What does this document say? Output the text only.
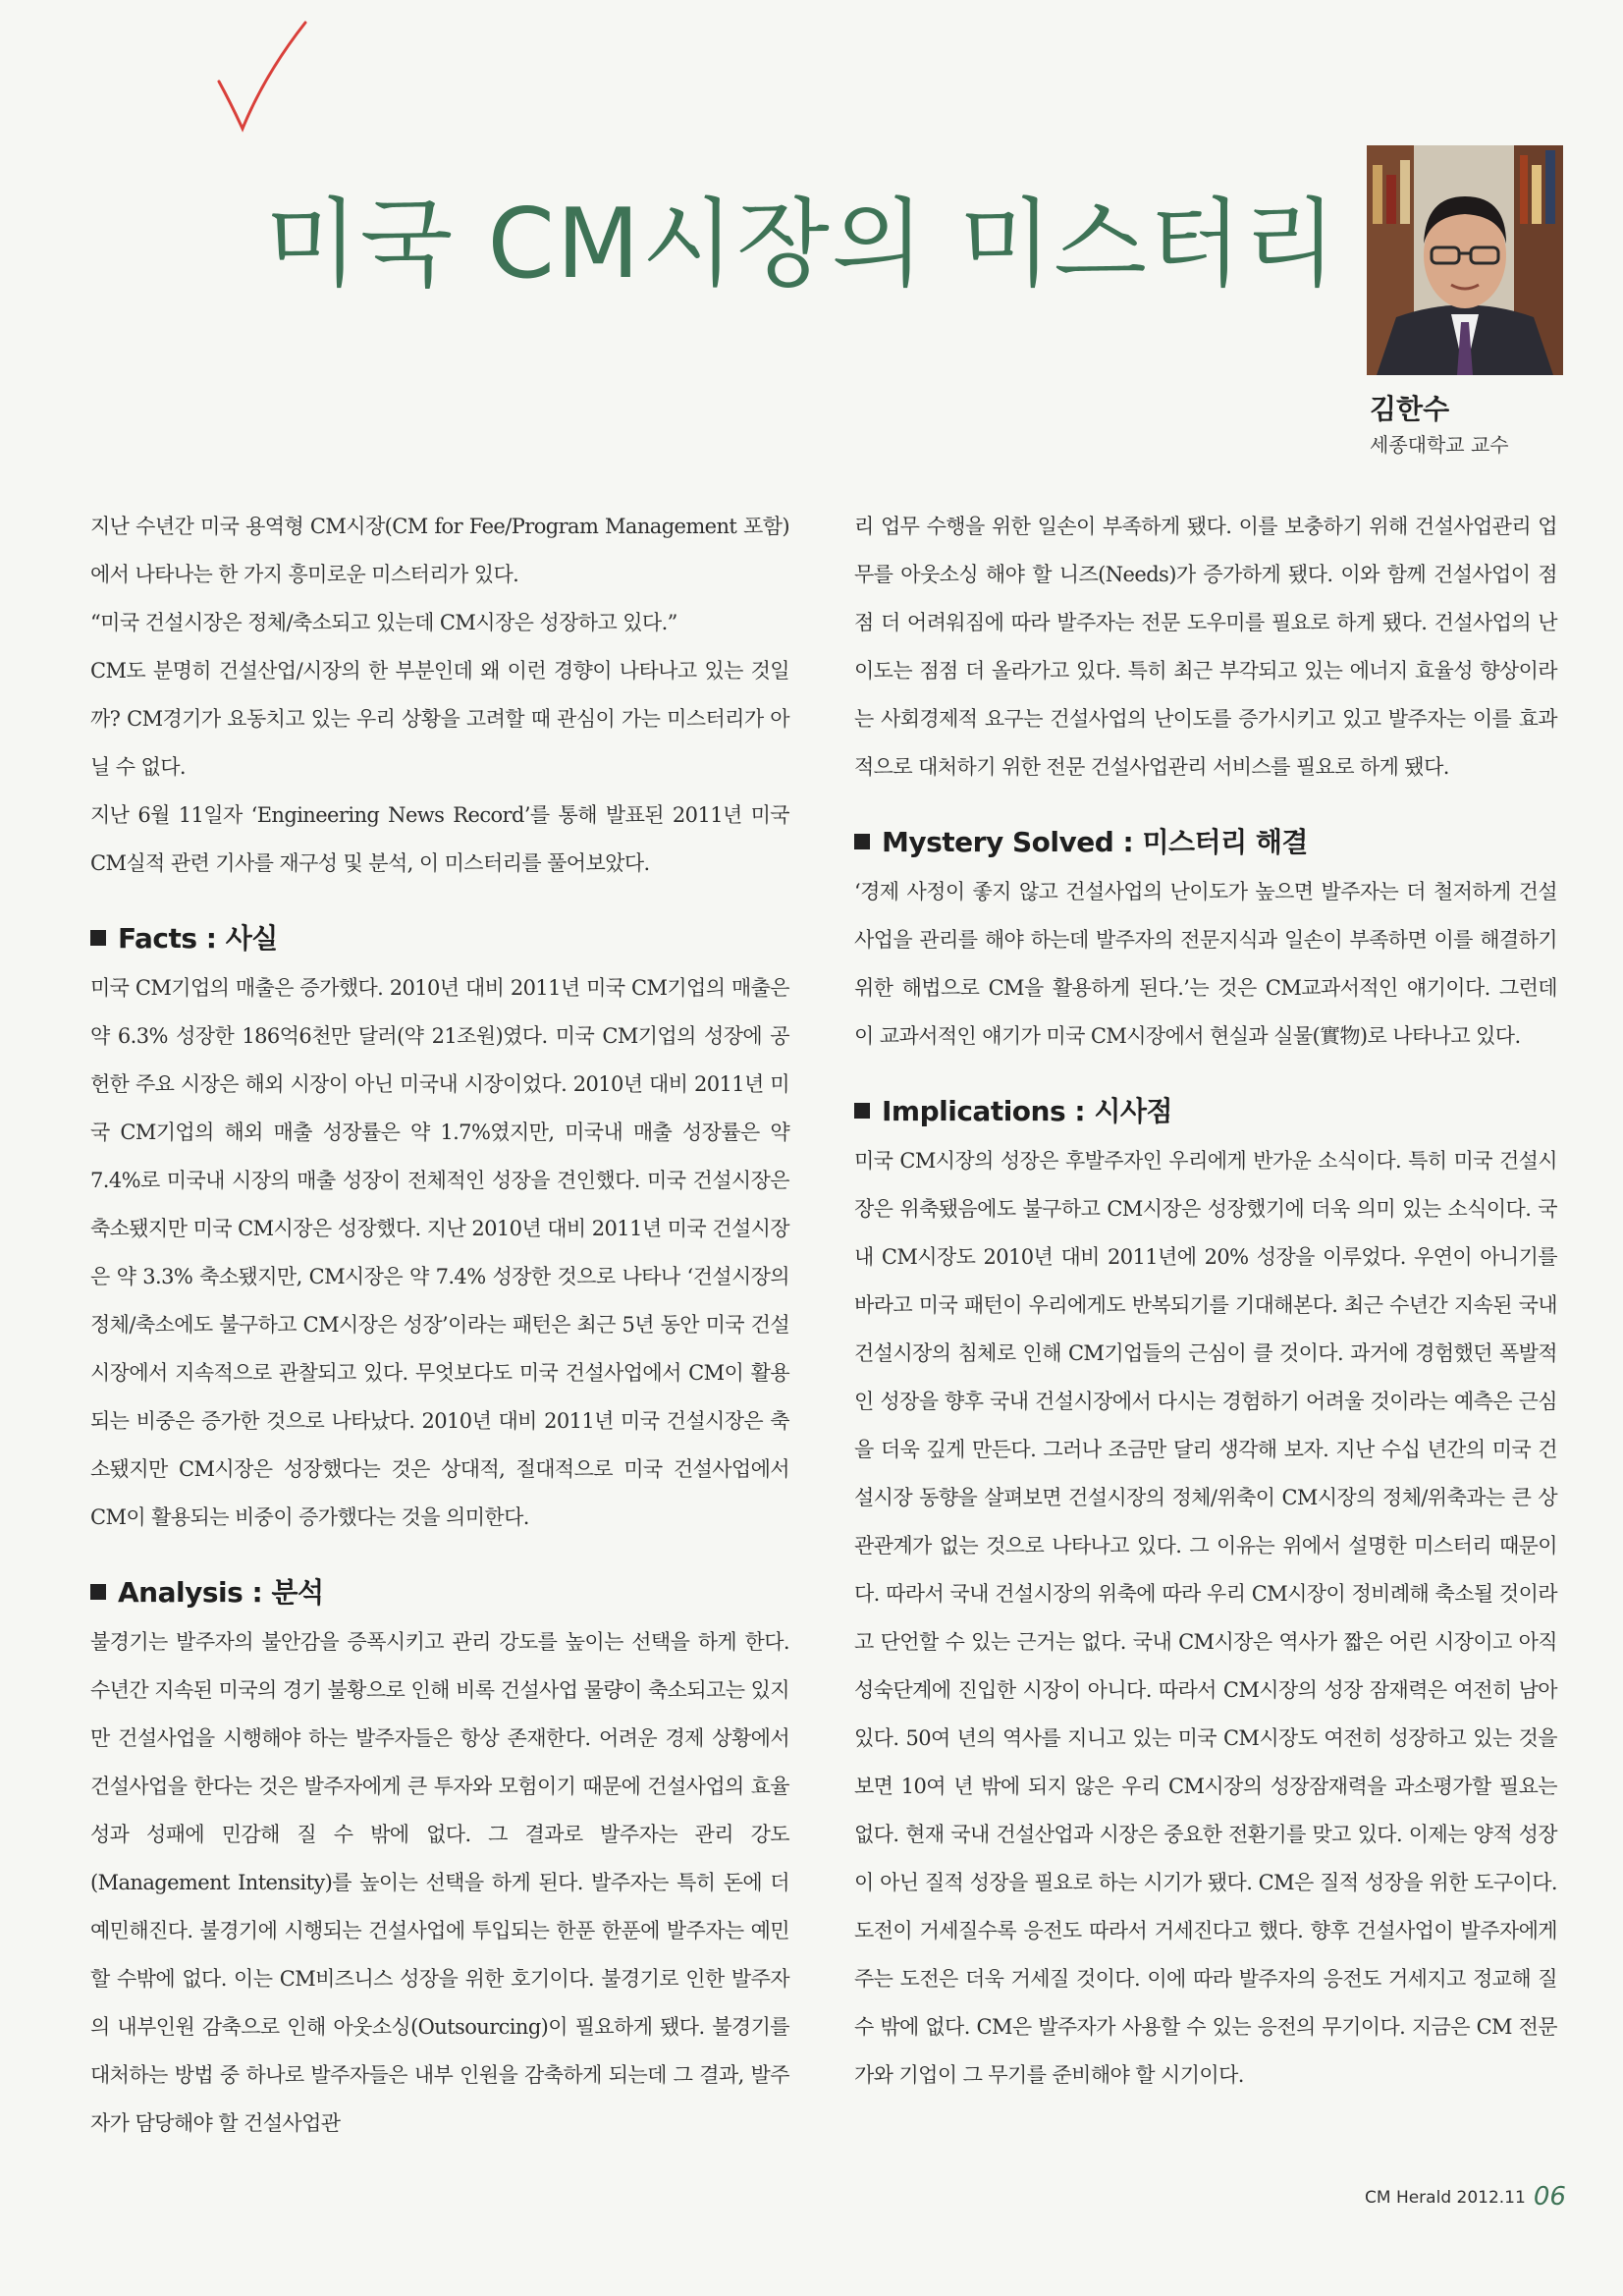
미국 CM시장의 미스터리
김한수
세종대학교 교수

지난 수년간 미국 용역형 CM시장(CM for Fee/Program Management 포함)에서 나타나는 한 가지 흥미로운 미스터리가 있다.

“미국 건설시장은 정체/축소되고 있는데 CM시장은 성장하고 있다.”

CM도 분명히 건설산업/시장의 한 부분인데 왜 이런 경향이 나타나고 있는 것일까? CM경기가 요동치고 있는 우리 상황을 고려할 때 관심이 가는 미스터리가 아닐 수 없다.

지난 6월 11일자 ‘Engineering News Record’를 통해 발표된 2011년 미국 CM실적 관련 기사를 재구성 및 분석, 이 미스터리를 풀어보았다.

Facts : 사실

미국 CM기업의 매출은 증가했다. 2010년 대비 2011년 미국 CM기업의 매출은 약 6.3% 성장한 186억6천만 달러(약 21조원)였다. 미국 CM기업의 성장에 공헌한 주요 시장은 해외 시장이 아닌 미국내 시장이었다. 2010년 대비 2011년 미국 CM기업의 해외 매출 성장률은 약 1.7%였지만, 미국내 매출 성장률은 약 7.4%로 미국내 시장의 매출 성장이 전체적인 성장을 견인했다. 미국 건설시장은 축소됐지만 미국 CM시장은 성장했다. 지난 2010년 대비 2011년 미국 건설시장은 약 3.3% 축소됐지만, CM시장은 약 7.4% 성장한 것으로 나타나 ‘건설시장의 정체/축소에도 불구하고 CM시장은 성장’이라는 패턴은 최근 5년 동안 미국 건설시장에서 지속적으로 관찰되고 있다. 무엇보다도 미국 건설사업에서 CM이 활용되는 비중은 증가한 것으로 나타났다. 2010년 대비 2011년 미국 건설시장은 축소됐지만 CM시장은 성장했다는 것은 상대적, 절대적으로 미국 건설사업에서 CM이 활용되는 비중이 증가했다는 것을 의미한다.

Analysis : 분석

불경기는 발주자의 불안감을 증폭시키고 관리 강도를 높이는 선택을 하게 한다. 수년간 지속된 미국의 경기 불황으로 인해 비록 건설사업 물량이 축소되고는 있지만 건설사업을 시행해야 하는 발주자들은 항상 존재한다. 어려운 경제 상황에서 건설사업을 한다는 것은 발주자에게 큰 투자와 모험이기 때문에 건설사업의 효율성과 성패에 민감해 질 수 밖에 없다. 그 결과로 발주자는 관리 강도(Management Intensity)를 높이는 선택을 하게 된다. 발주자는 특히 돈에 더 예민해진다. 불경기에 시행되는 건설사업에 투입되는 한푼 한푼에 발주자는 예민할 수밖에 없다. 이는 CM비즈니스 성장을 위한 호기이다. 불경기로 인한 발주자의 내부인원 감축으로 인해 아웃소싱(Outsourcing)이 필요하게 됐다. 불경기를 대처하는 방법 중 하나로 발주자들은 내부 인원을 감축하게 되는데 그 결과, 발주자가 담당해야 할 건설사업관

리 업무 수행을 위한 일손이 부족하게 됐다. 이를 보충하기 위해 건설사업관리 업무를 아웃소싱 해야 할 니즈(Needs)가 증가하게 됐다. 이와 함께 건설사업이 점점 더 어려워짐에 따라 발주자는 전문 도우미를 필요로 하게 됐다. 건설사업의 난이도는 점점 더 올라가고 있다. 특히 최근 부각되고 있는 에너지 효율성 향상이라는 사회경제적 요구는 건설사업의 난이도를 증가시키고 있고 발주자는 이를 효과적으로 대처하기 위한 전문 건설사업관리 서비스를 필요로 하게 됐다.

Mystery Solved : 미스터리 해결

‘경제 사정이 좋지 않고 건설사업의 난이도가 높으면 발주자는 더 철저하게 건설사업을 관리를 해야 하는데 발주자의 전문지식과 일손이 부족하면 이를 해결하기 위한 해법으로 CM을 활용하게 된다.’는 것은 CM교과서적인 얘기이다. 그런데 이 교과서적인 얘기가 미국 CM시장에서 현실과 실물(實物)로 나타나고 있다.

Implications : 시사점

미국 CM시장의 성장은 후발주자인 우리에게 반가운 소식이다. 특히 미국 건설시장은 위축됐음에도 불구하고 CM시장은 성장했기에 더욱 의미 있는 소식이다. 국내 CM시장도 2010년 대비 2011년에 20% 성장을 이루었다. 우연이 아니기를 바라고 미국 패턴이 우리에게도 반복되기를 기대해본다. 최근 수년간 지속된 국내 건설시장의 침체로 인해 CM기업들의 근심이 클 것이다. 과거에 경험했던 폭발적인 성장을 향후 국내 건설시장에서 다시는 경험하기 어려울 것이라는 예측은 근심을 더욱 깊게 만든다. 그러나 조금만 달리 생각해 보자. 지난 수십 년간의 미국 건설시장 동향을 살펴보면 건설시장의 정체/위축이 CM시장의 정체/위축과는 큰 상관관계가 없는 것으로 나타나고 있다. 그 이유는 위에서 설명한 미스터리 때문이다. 따라서 국내 건설시장의 위축에 따라 우리 CM시장이 정비례해 축소될 것이라고 단언할 수 있는 근거는 없다. 국내 CM시장은 역사가 짧은 어린 시장이고 아직 성숙단계에 진입한 시장이 아니다. 따라서 CM시장의 성장 잠재력은 여전히 남아있다. 50여 년의 역사를 지니고 있는 미국 CM시장도 여전히 성장하고 있는 것을 보면 10여 년 밖에 되지 않은 우리 CM시장의 성장잠재력을 과소평가할 필요는 없다. 현재 국내 건설산업과 시장은 중요한 전환기를 맞고 있다. 이제는 양적 성장이 아닌 질적 성장을 필요로 하는 시기가 됐다. CM은 질적 성장을 위한 도구이다. 도전이 거세질수록 응전도 따라서 거세진다고 했다. 향후 건설사업이 발주자에게 주는 도전은 더욱 거세질 것이다. 이에 따라 발주자의 응전도 거세지고 정교해 질 수 밖에 없다. CM은 발주자가 사용할 수 있는 응전의 무기이다. 지금은 CM 전문가와 기업이 그 무기를 준비해야 할 시기이다.

CM Herald 2012.11 06
